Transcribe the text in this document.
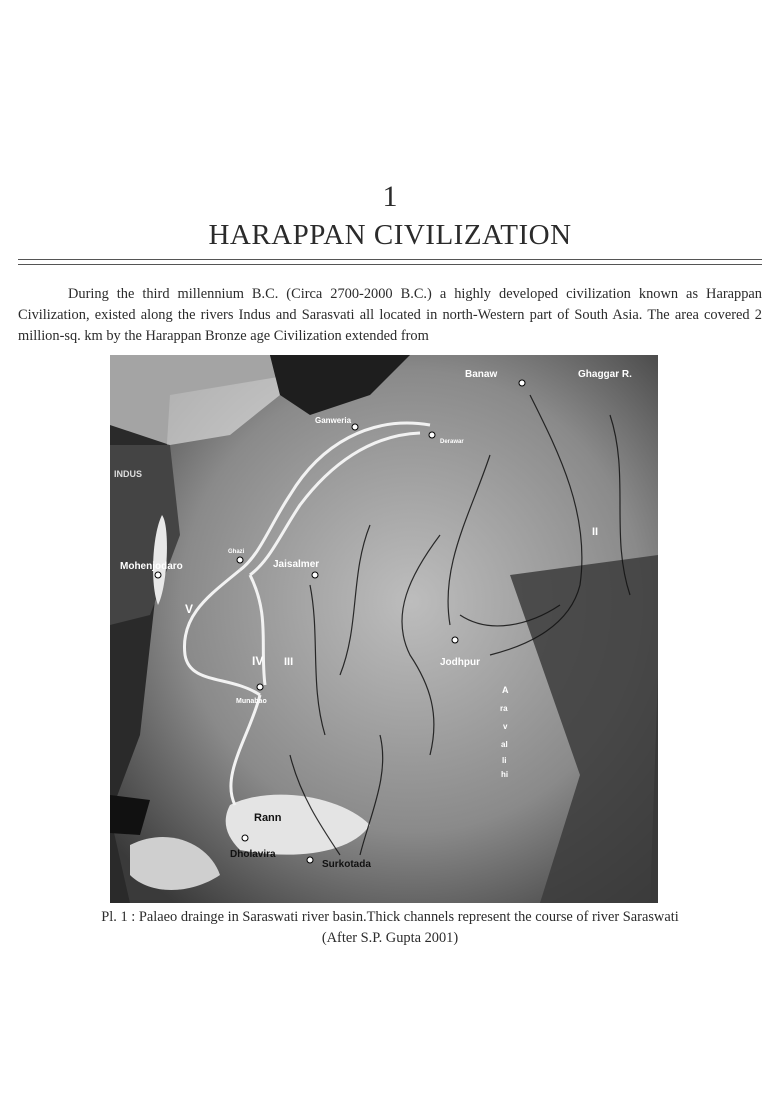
1
HARAPPAN CIVILIZATION

During the third millennium B.C. (Circa 2700-2000 B.C.) a highly developed civilization known as Harappan Civilization, existed along the rivers Indus and Sarasvati all located in north-Western part of South Asia. The area covered 2 million-sq. km by the Harappan Bronze age Civilization extended from

Banaw	Ghaggar R.
Ganweria
Derawar
INDUS
Mohenjodaro
Ghazi
Jaisalmer
II
V
IV III	Jodhpur
Munabao
A
ra
v
al
li
hi
Rann
Dholavira
Surkotada
Pl. 1 : Palaeo drainge in Saraswati river basin.Thick channels represent the course of river Saraswati
(After S.P. Gupta 2001)
